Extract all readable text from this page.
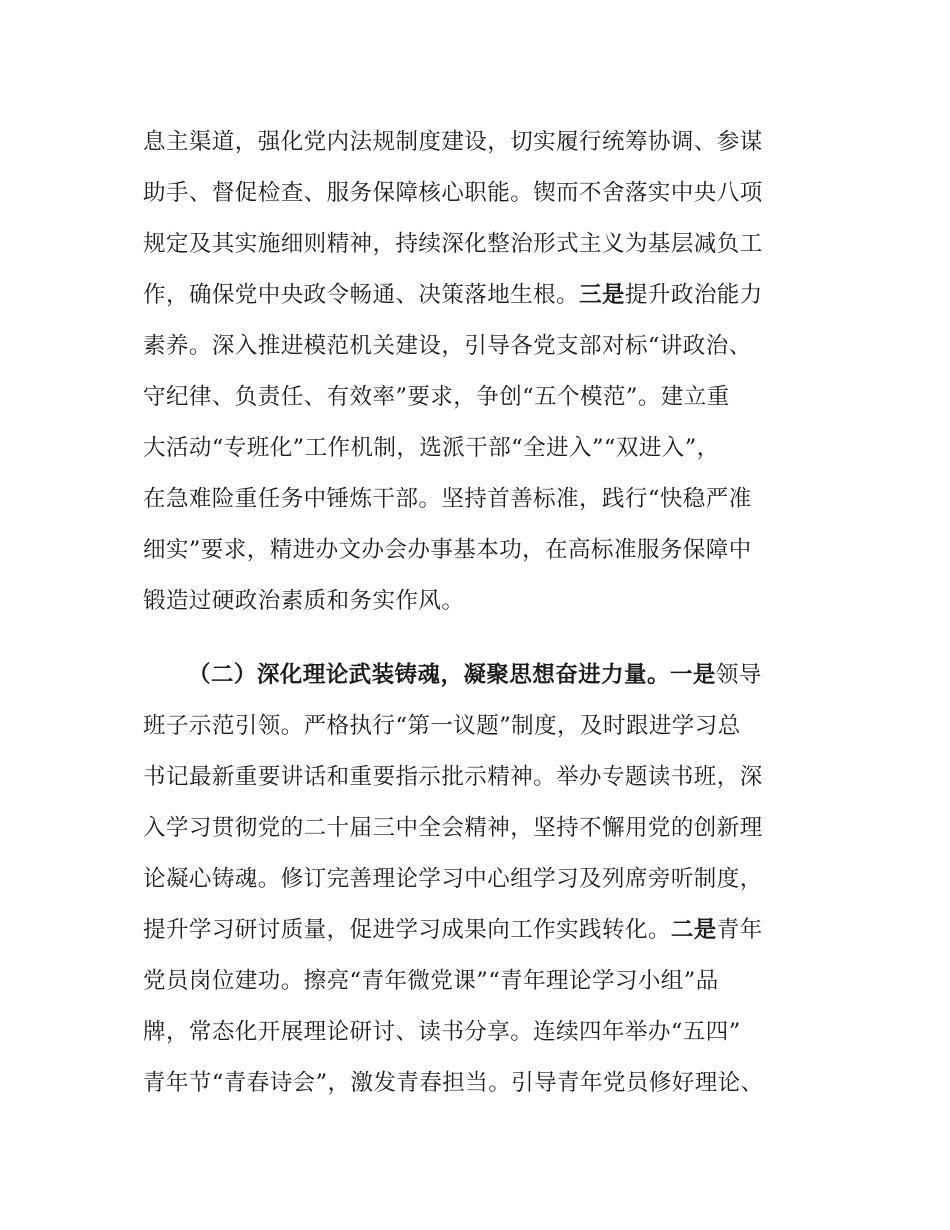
息主渠道，强化党内法规制度建设，切实履行统筹协调、参谋
助手、督促检查、服务保障核心职能。锲而不舍落实中央八项
规定及其实施细则精神，持续深化整治形式主义为基层减负工
作，确保党中央政令畅通、决策落地生根。三是提升政治能力
素养。深入推进模范机关建设，引导各党支部对标“讲政治、
守纪律、负责任、有效率”要求，争创“五个模范”。建立重
大活动“专班化”工作机制，选派干部“全进入”“双进入”，
在急难险重任务中锤炼干部。坚持首善标准，践行“快稳严准
细实”要求，精进办文办会办事基本功，在高标准服务保障中
锻造过硬政治素质和务实作风。
（二）深化理论武装铸魂，凝聚思想奋进力量。一是领导
班子示范引领。严格执行“第一议题”制度，及时跟进学习总
书记最新重要讲话和重要指示批示精神。举办专题读书班，深
入学习贯彻党的二十届三中全会精神，坚持不懈用党的创新理
论凝心铸魂。修订完善理论学习中心组学习及列席旁听制度，
提升学习研讨质量，促进学习成果向工作实践转化。二是青年
党员岗位建功。擦亮“青年微党课”“青年理论学习小组”品
牌，常态化开展理论研讨、读书分享。连续四年举办“五四”
青年节“青春诗会”，激发青春担当。引导青年党员修好理论、
